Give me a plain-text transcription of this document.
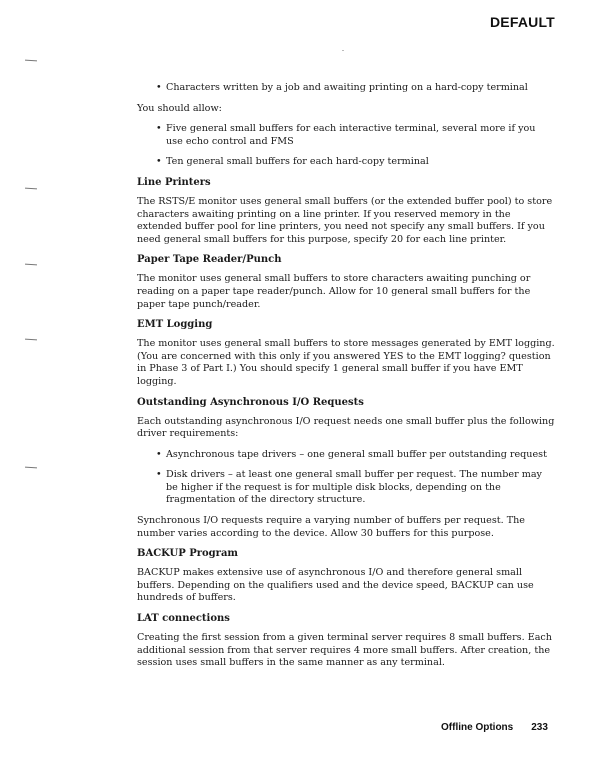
DEFAULT
• Characters written by a job and awaiting printing on a hard-copy terminal

You should allow:

• Five general small buffers for each interactive terminal, several more if you use echo control and FMS
• Ten general small buffers for each hard-copy terminal
Line Printers

The RSTS/E monitor uses general small buffers (or the extended buffer pool) to store characters awaiting printing on a line printer. If you reserved memory in the extended buffer pool for line printers, you need not specify any small buffers. If you need general small buffers for this purpose, specify 20 for each line printer.

Paper Tape Reader/Punch

The monitor uses general small buffers to store characters awaiting punching or reading on a paper tape reader/punch. Allow for 10 general small buffers for the paper tape punch/reader.

EMT Logging

The monitor uses general small buffers to store messages generated by EMT logging. (You are concerned with this only if you answered YES to the EMT logging? question in Phase 3 of Part I.) You should specify 1 general small buffer if you have EMT logging.

Outstanding Asynchronous I/O Requests

Each outstanding asynchronous I/O request needs one small buffer plus the following driver requirements:

• Asynchronous tape drivers – one general small buffer per outstanding request
• Disk drivers – at least one general small buffer per request. The number may be higher if the request is for multiple disk blocks, depending on the fragmentation of the directory structure.

Synchronous I/O requests require a varying number of buffers per request. The number varies according to the device. Allow 30 buffers for this purpose.

BACKUP Program

BACKUP makes extensive use of asynchronous I/O and therefore general small buffers. Depending on the qualifiers used and the device speed, BACKUP can use hundreds of buffers.

LAT connections

Creating the first session from a given terminal server requires 8 small buffers. Each additional session from that server requires 4 more small buffers. After creation, the session uses small buffers in the same manner as any terminal.

Offline Options 233
